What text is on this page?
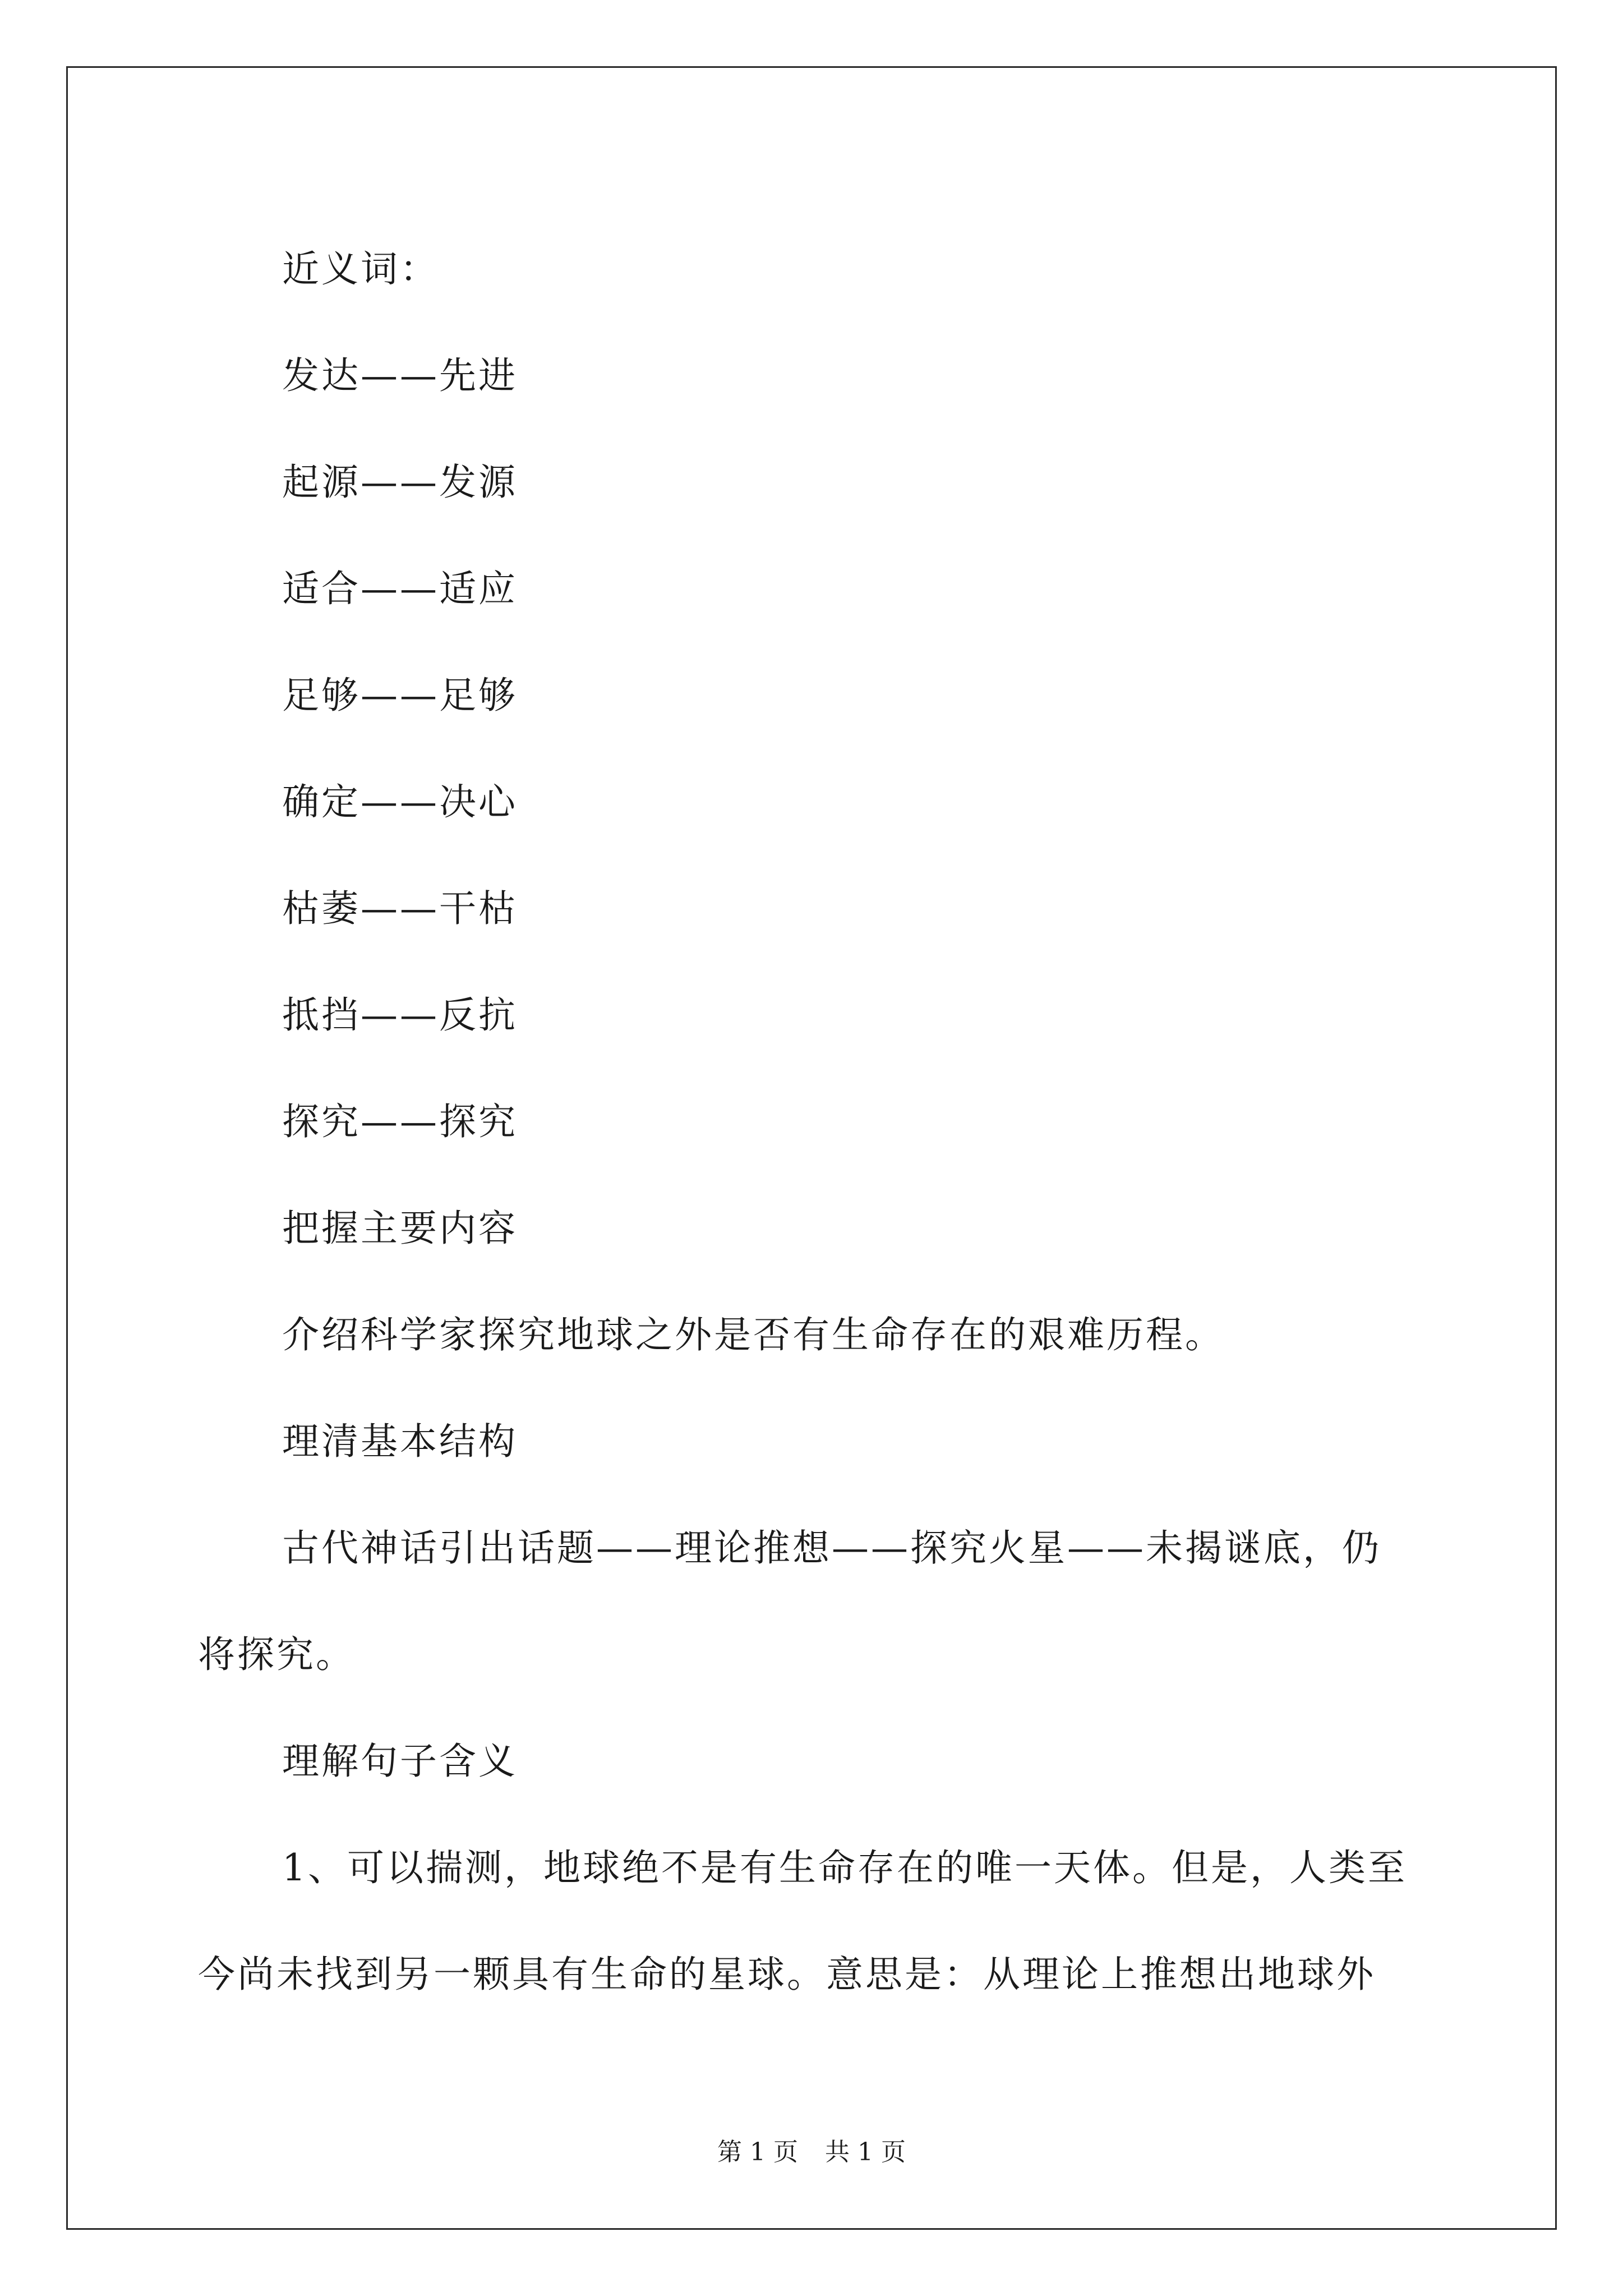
近义词：

发达——先进

起源——发源

适合——适应

足够——足够

确定——决心

枯萎——干枯

抵挡——反抗

探究——探究

把握主要内容

介绍科学家探究地球之外是否有生命存在的艰难历程。

理清基本结构

古代神话引出话题——理论推想——探究火星——未揭谜底，仍

将探究。

理解句子含义

1、可以揣测，地球绝不是有生命存在的唯一天体。但是，人类至

今尚未找到另一颗具有生命的星球。意思是：从理论上推想出地球外

第 1 页 共 1 页
